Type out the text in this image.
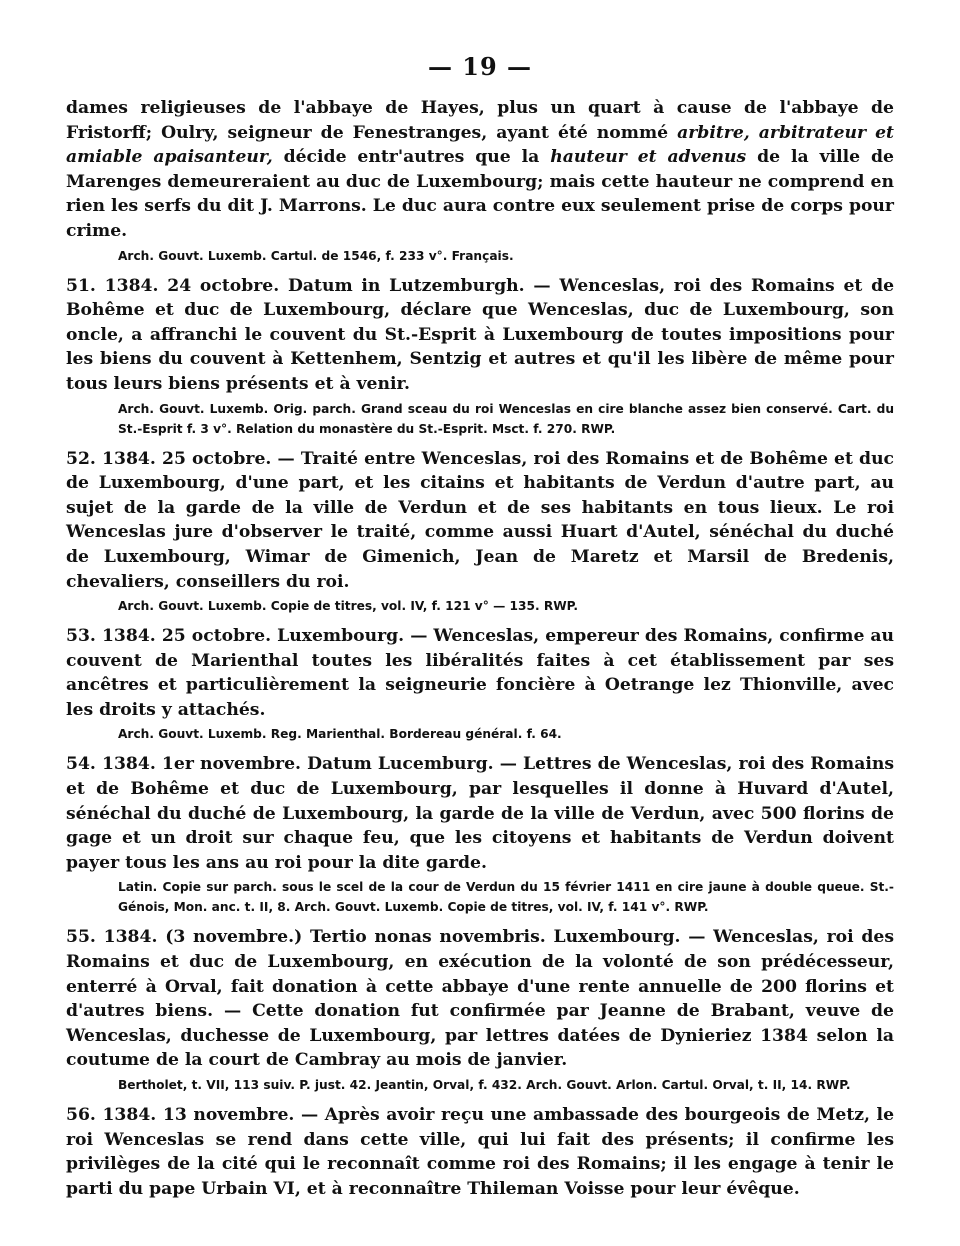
— 19 —

dames religieuses de l'abbaye de Hayes, plus un quart à cause de l'abbaye de Fristorff; Oulry, seigneur de Fenestranges, ayant été nommé arbitre, arbitrateur et amiable apaisanteur, décide entr'autres que la hauteur et advenus de la ville de Marenges demeureraient au duc de Luxembourg; mais cette hauteur ne comprend en rien les serfs du dit J. Marrons. Le duc aura contre eux seulement prise de corps pour crime.

Arch. Gouvt. Luxemb. Cartul. de 1546, f. 233 v°. Français.

51. 1384. 24 octobre. Datum in Lutzemburgh. — Wenceslas, roi des Romains et de Bohême et duc de Luxembourg, déclare que Wenceslas, duc de Luxembourg, son oncle, a affranchi le couvent du St.-Esprit à Luxembourg de toutes impositions pour les biens du couvent à Kettenhem, Sentzig et autres et qu'il les libère de même pour tous leurs biens présents et à venir.

Arch. Gouvt. Luxemb. Orig. parch. Grand sceau du roi Wenceslas en cire blanche assez bien conservé. Cart. du St.-Esprit f. 3 v°. Relation du monastère du St.-Esprit. Msct. f. 270. RWP.

52. 1384. 25 octobre. — Traité entre Wenceslas, roi des Romains et de Bohême et duc de Luxembourg, d'une part, et les citains et habitants de Verdun d'autre part, au sujet de la garde de la ville de Verdun et de ses habitants en tous lieux. Le roi Wenceslas jure d'observer le traité, comme aussi Huart d'Autel, sénéchal du duché de Luxembourg, Wimar de Gimenich, Jean de Maretz et Marsil de Bredenis, chevaliers, conseillers du roi.

Arch. Gouvt. Luxemb. Copie de titres, vol. IV, f. 121 v° — 135. RWP.

53. 1384. 25 octobre. Luxembourg. — Wenceslas, empereur des Romains, confirme au couvent de Marienthal toutes les libéralités faites à cet établissement par ses ancêtres et particulièrement la seigneurie foncière à Oetrange lez Thionville, avec les droits y attachés.

Arch. Gouvt. Luxemb. Reg. Marienthal. Bordereau général. f. 64.

54. 1384. 1er novembre. Datum Lucemburg. — Lettres de Wenceslas, roi des Romains et de Bohême et duc de Luxembourg, par lesquelles il donne à Huvard d'Autel, sénéchal du duché de Luxembourg, la garde de la ville de Verdun, avec 500 florins de gage et un droit sur chaque feu, que les citoyens et habitants de Verdun doivent payer tous les ans au roi pour la dite garde.

Latin. Copie sur parch. sous le scel de la cour de Verdun du 15 février 1411 en cire jaune à double queue. St.-Génois, Mon. anc. t. II, 8. Arch. Gouvt. Luxemb. Copie de titres, vol. IV, f. 141 v°. RWP.

55. 1384. (3 novembre.) Tertio nonas novembris. Luxembourg. — Wenceslas, roi des Romains et duc de Luxembourg, en exécution de la volonté de son prédécesseur, enterré à Orval, fait donation à cette abbaye d'une rente annuelle de 200 florins et d'autres biens. — Cette donation fut confirmée par Jeanne de Brabant, veuve de Wenceslas, duchesse de Luxembourg, par lettres datées de Dynieriez 1384 selon la coutume de la court de Cambray au mois de janvier.

Bertholet, t. VII, 113 suiv. P. just. 42. Jeantin, Orval, f. 432. Arch. Gouvt. Arlon. Cartul. Orval, t. II, 14. RWP.

56. 1384. 13 novembre. — Après avoir reçu une ambassade des bourgeois de Metz, le roi Wenceslas se rend dans cette ville, qui lui fait des présents; il confirme les privilèges de la cité qui le reconnaît comme roi des Romains; il les engage à tenir le parti du pape Urbain VI, et à reconnaître Thileman Voisse pour leur évêque.
